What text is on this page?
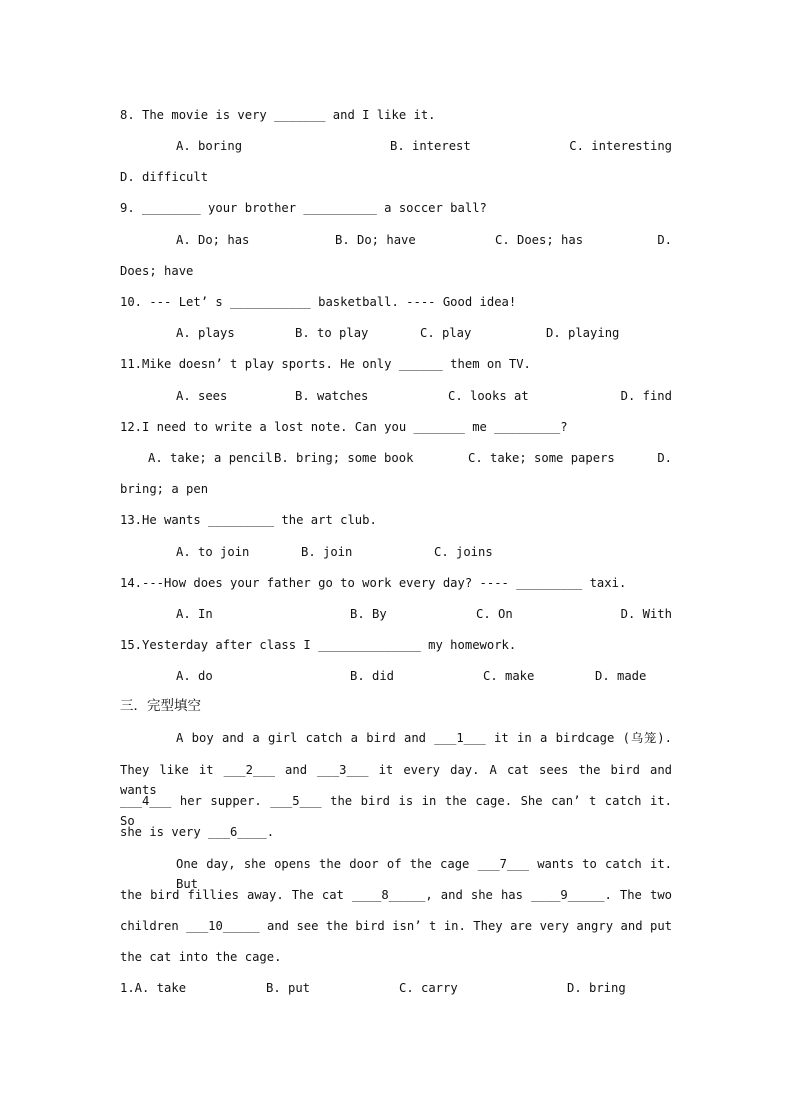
8. The movie is very _______ and I like it.

A. boring

	B. interest

	C. interesting

D. difficult
9. ________ your brother __________ a soccer ball?

A. Do; has

	B. Do; have

	C. Does; has

	D.

Does; have
10. --- Let’ s ___________ basketball. ---- Good idea!

A. plays

	B. to play

	C. play

	D. playing

11.Mike doesn’ t play sports. He only ______ them on TV.

A. sees

	B. watches

	C. looks at

	D. find

12.I need to write a lost note. Can you _______ me _________?

A. take; a pencil

B. bring; some book

	C. take; some papers

	D.

bring; a pen
13.He wants _________ the art club.

A. to join

	B. join

	C. joins

14.---How does your father go to work every day? ---- _________ taxi.

A. In

	B. By

	C. On

	D. With

15.Yesterday after class I ______________ my homework.

A. do

	B. did

	C. make

	D. made

三．完型填空
A boy and a girl catch a bird and ___1___ it in a birdcage (乌笼).
They like it ___2___ and ___3___ it every day. A cat sees the bird and wants
___4___ her supper. ___5___ the bird is in the cage. She can’ t catch it. So
she is very ___6____.
One day, she opens the door of the cage ___7___ wants to catch it. But
the bird fillies away. The cat ____8_____, and she has ____9_____. The two
children ___10_____ and see the bird isn’ t in. They are very angry and put
the cat into the cage.

1.A. take

	B. put

	C. carry

	D. bring
